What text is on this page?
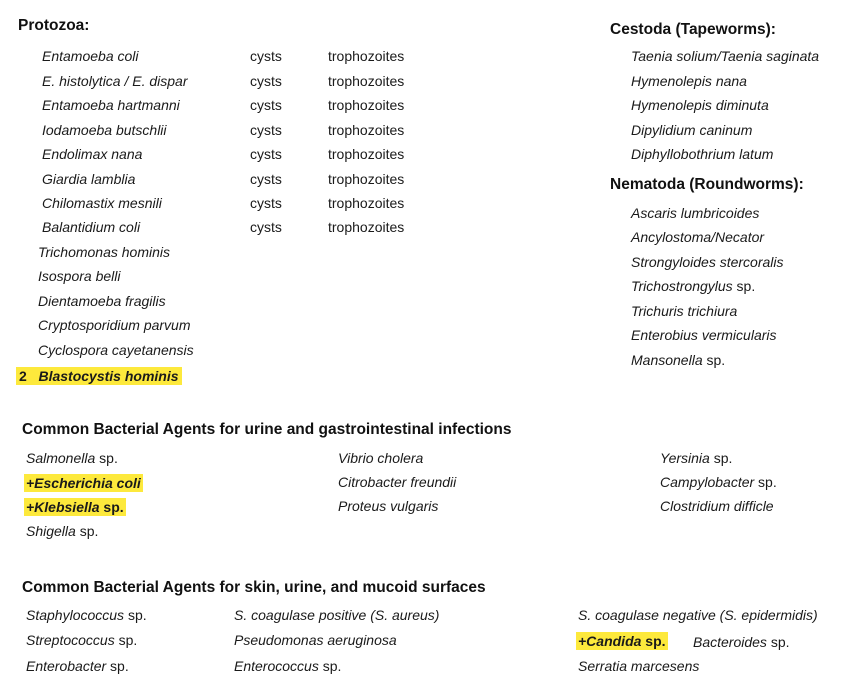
Protozoa:
Entamoeba coli	cysts	trophozoites
E. histolytica / E. dispar	cysts	trophozoites
Entamoeba hartmanni	cysts	trophozoites
Iodamoeba butschlii	cysts	trophozoites
Endolimax nana	cysts	trophozoites
Giardia lamblia	cysts	trophozoites
Chilomastix mesnili	cysts	trophozoites
Balantidium coli	cysts	trophozoites
Trichomonas hominis
Isospora belli
Dientamoeba fragilis
Cryptosporidium parvum
Cyclospora cayetanensis
2 Blastocystis hominis
Cestoda (Tapeworms):
Taenia solium/Taenia saginata
Hymenolepis nana
Hymenolepis diminuta
Dipylidium caninum
Diphyllobothrium latum
Nematoda (Roundworms):
Ascaris lumbricoides
Ancylostoma/Necator
Strongyloides stercoralis
Trichostrongylus sp.
Trichuris trichiura
Enterobius vermicularis
Mansonella sp.
Common Bacterial Agents for urine and gastrointestinal infections
Salmonella sp.
+Escherichia coli
+Klebsiella sp.
Shigella sp.
Vibrio cholera
Citrobacter freundii
Proteus vulgaris
Yersinia sp.
Campylobacter sp.
Clostridium difficle
Common Bacterial Agents for skin, urine, and mucoid surfaces
Staphylococcus sp.
Streptococcus sp.
Enterobacter sp.
S. coagulase positive (S. aureus)
Pseudomonas aeruginosa
Enterococcus sp.
S. coagulase negative (S. epidermidis)
+Candida sp. Bacteroides sp.
Serratia marcesens
